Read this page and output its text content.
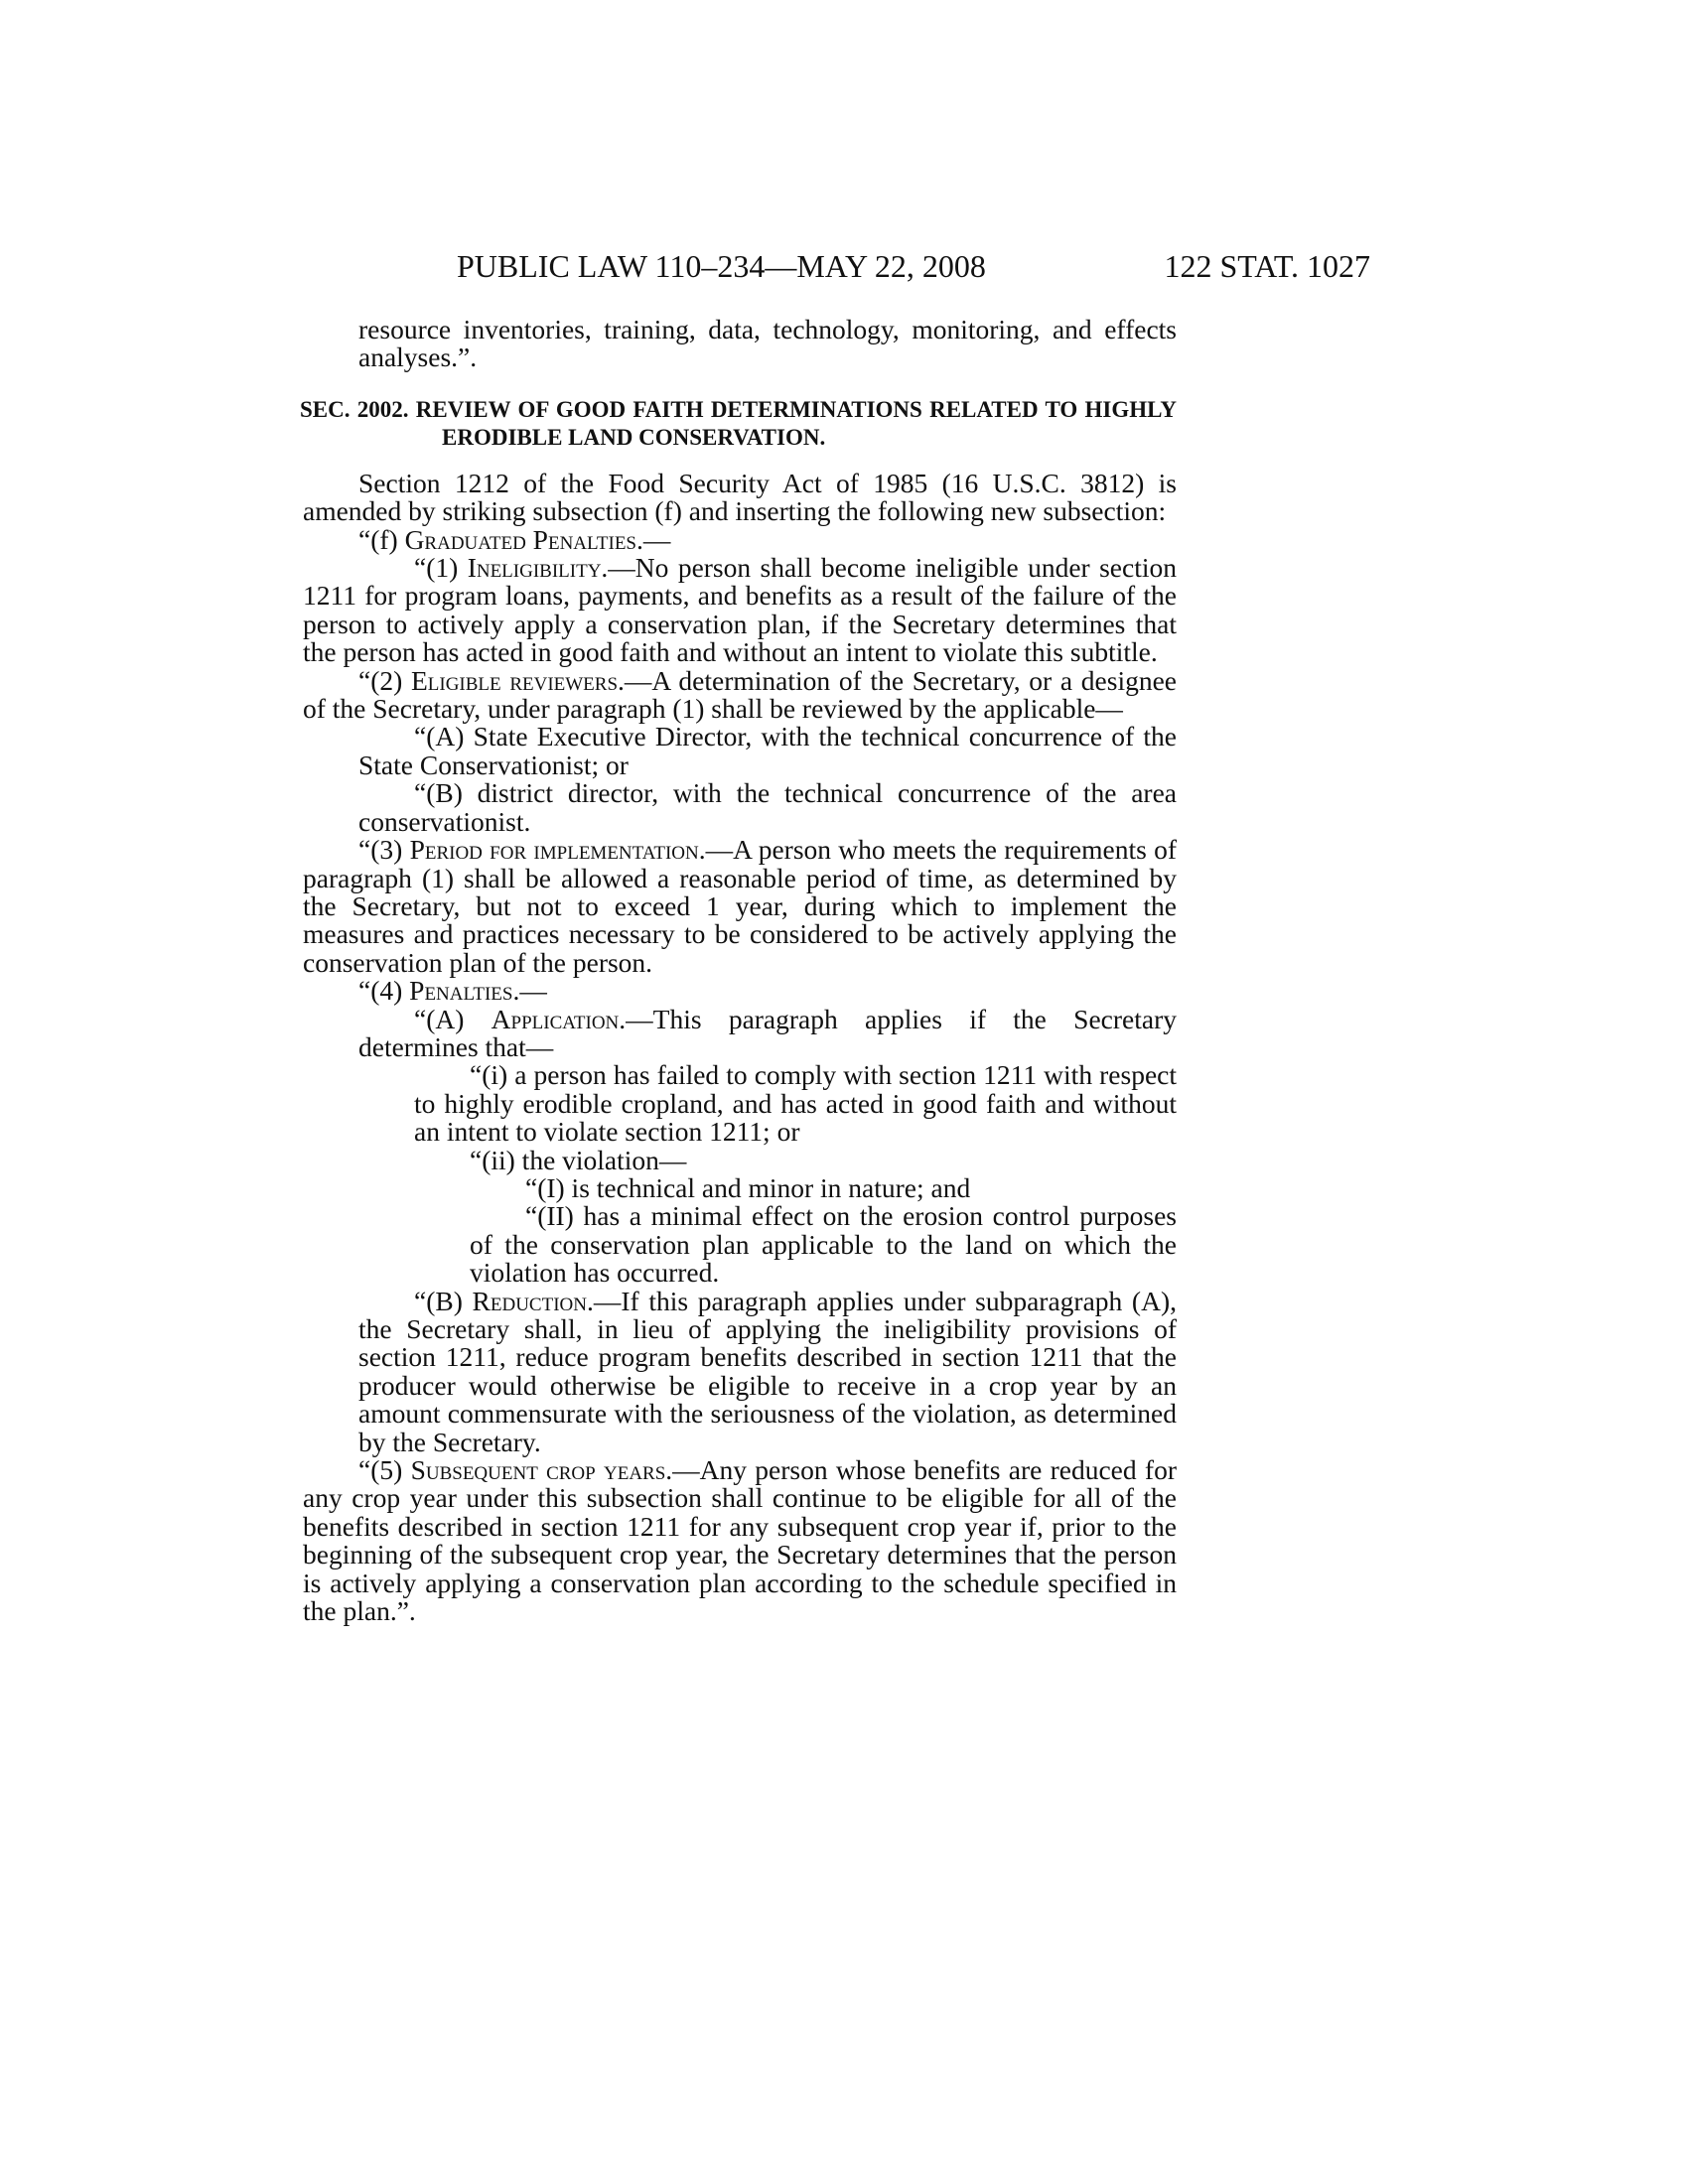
PUBLIC LAW 110–234—MAY 22, 2008	122 STAT. 1027

resource inventories, training, data, technology, monitoring, and effects analyses.”.

SEC. 2002. REVIEW OF GOOD FAITH DETERMINATIONS RELATED TO HIGHLY ERODIBLE LAND CONSERVATION.

Section 1212 of the Food Security Act of 1985 (16 U.S.C. 3812) is amended by striking subsection (f) and inserting the following new subsection:

“(f) Graduated Penalties.—

“(1) Ineligibility.—No person shall become ineligible under section 1211 for program loans, payments, and benefits as a result of the failure of the person to actively apply a conservation plan, if the Secretary determines that the person has acted in good faith and without an intent to violate this subtitle.

“(2) Eligible reviewers.—A determination of the Secretary, or a designee of the Secretary, under paragraph (1) shall be reviewed by the applicable—

“(A) State Executive Director, with the technical concurrence of the State Conservationist; or

“(B) district director, with the technical concurrence of the area conservationist.

“(3) Period for implementation.—A person who meets the requirements of paragraph (1) shall be allowed a reasonable period of time, as determined by the Secretary, but not to exceed 1 year, during which to implement the measures and practices necessary to be considered to be actively applying the conservation plan of the person.

“(4) Penalties.—

“(A) Application.—This paragraph applies if the Secretary determines that—

“(i) a person has failed to comply with section 1211 with respect to highly erodible cropland, and has acted in good faith and without an intent to violate section 1211; or

“(ii) the violation—

“(I) is technical and minor in nature; and

“(II) has a minimal effect on the erosion control purposes of the conservation plan applicable to the land on which the violation has occurred.

“(B) Reduction.—If this paragraph applies under subparagraph (A), the Secretary shall, in lieu of applying the ineligibility provisions of section 1211, reduce program benefits described in section 1211 that the producer would otherwise be eligible to receive in a crop year by an amount commensurate with the seriousness of the violation, as determined by the Secretary.

“(5) Subsequent crop years.—Any person whose benefits are reduced for any crop year under this subsection shall continue to be eligible for all of the benefits described in section 1211 for any subsequent crop year if, prior to the beginning of the subsequent crop year, the Secretary determines that the person is actively applying a conservation plan according to the schedule specified in the plan.”.
